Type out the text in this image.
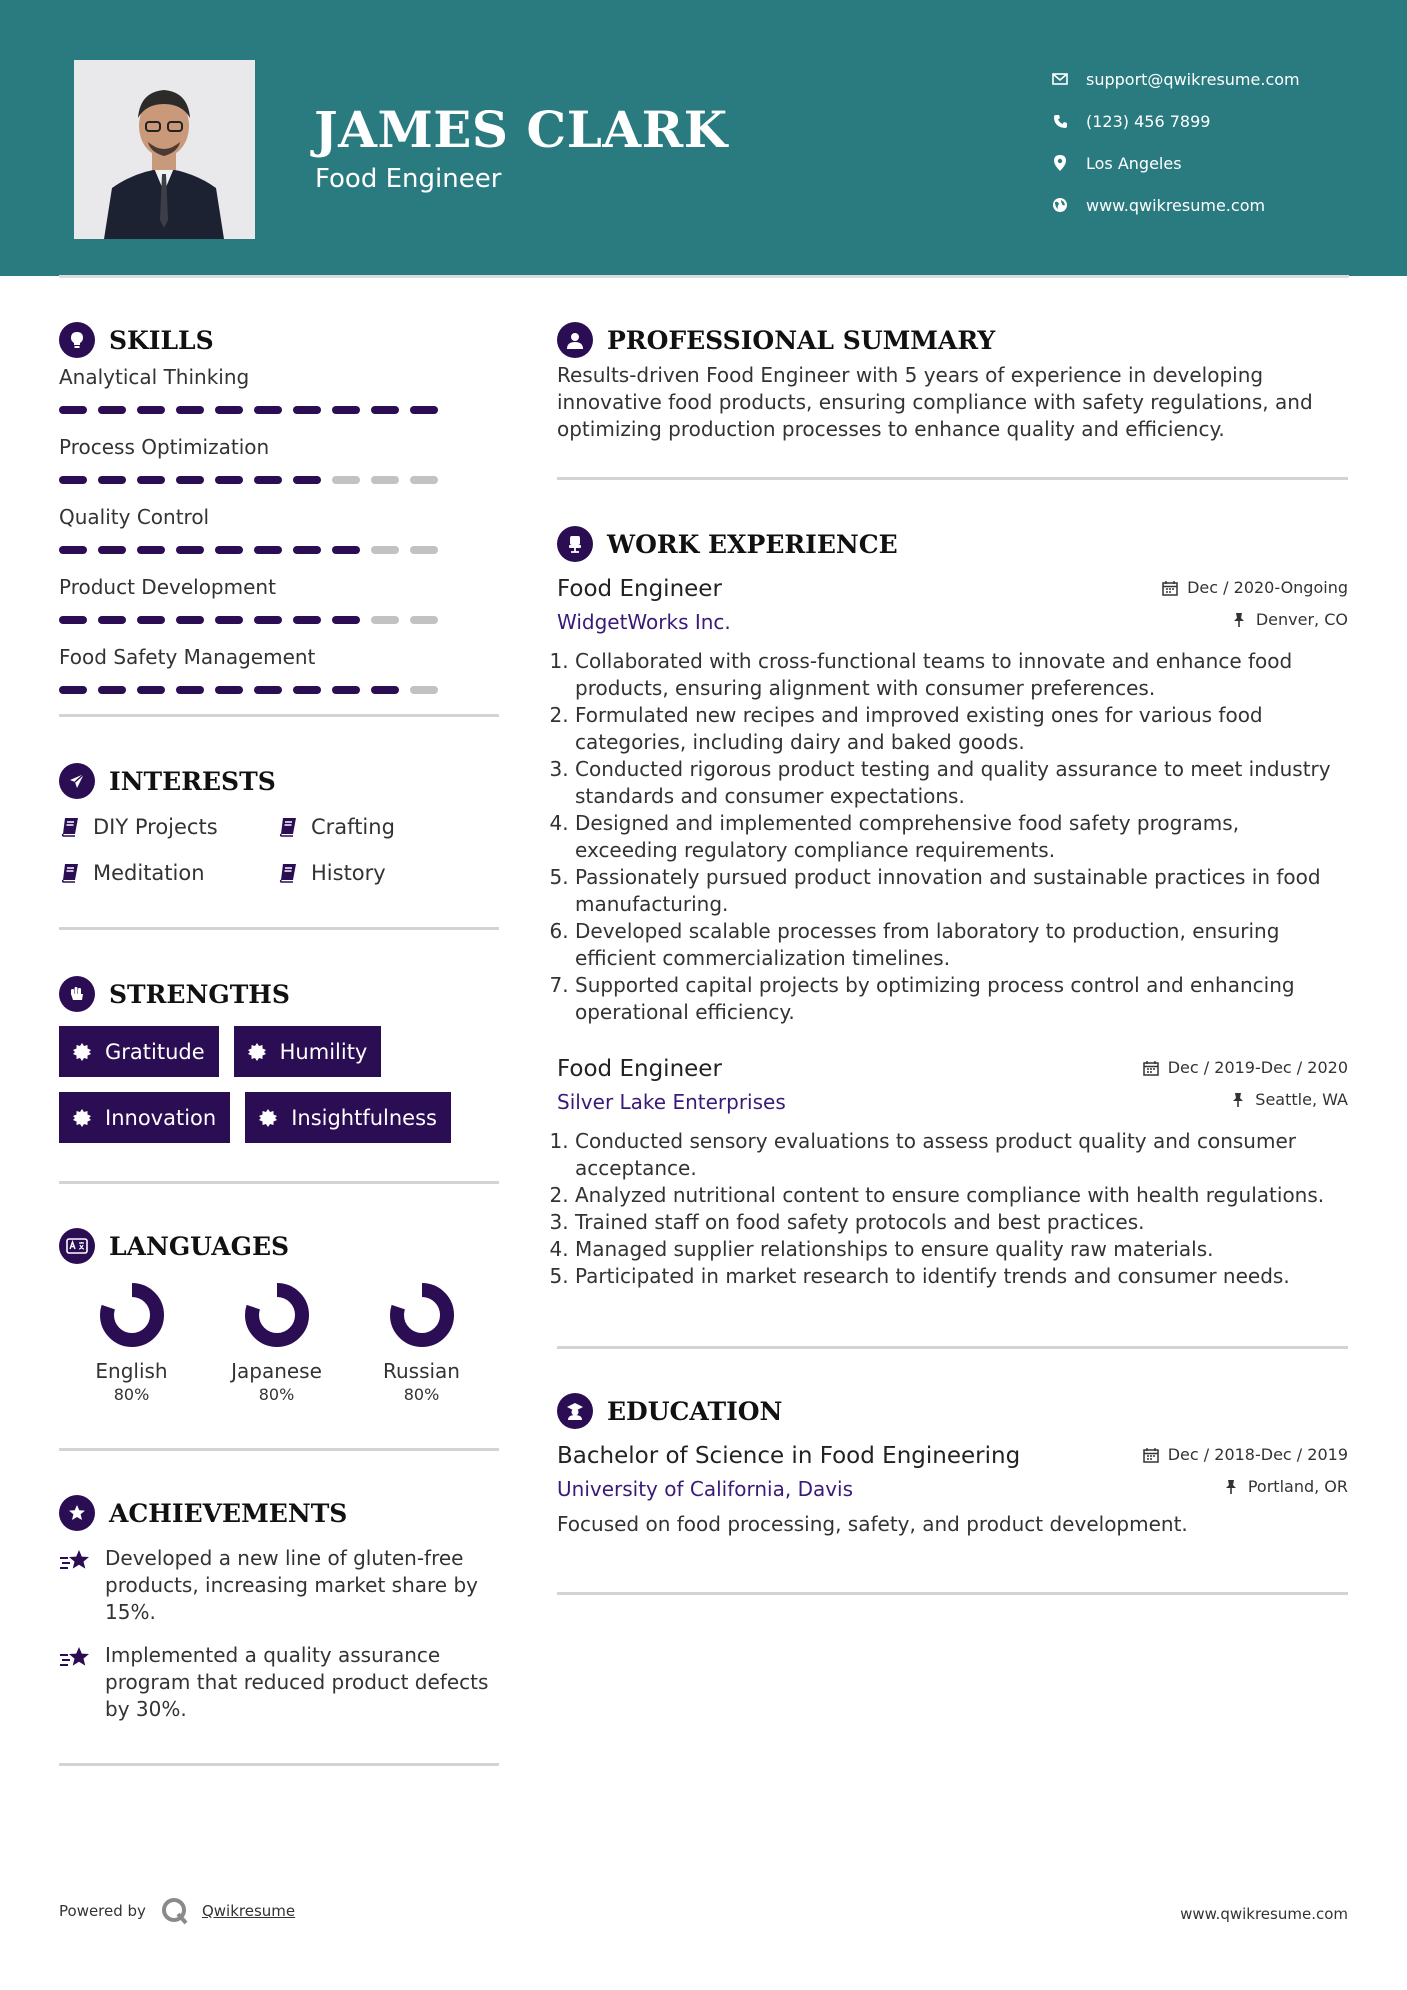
JAMES CLARK
Food Engineer
support@qwikresume.com
(123) 456 7899
Los Angeles
www.qwikresume.com
SKILLS
Analytical Thinking
Process Optimization
Quality Control
Product Development
Food Safety Management
INTERESTS
DIY Projects	Crafting
Meditation	History
STRENGTHS
Gratitude	Humility
Innovation	Insightfulness
LANGUAGES
English
80%
Japanese
80%
Russian
80%
ACHIEVEMENTS
Developed a new line of gluten-free products, increasing market share by 15%.
Implemented a quality assurance program that reduced product defects by 30%.
PROFESSIONAL SUMMARY

Results-driven Food Engineer with 5 years of experience in developing innovative food products, ensuring compliance with safety regulations, and optimizing production processes to enhance quality and efficiency.

WORK EXPERIENCE
Dec / 2020-Ongoing
Denver, CO
Food Engineer
WidgetWorks Inc.
1. Collaborated with cross-functional teams to innovate and enhance food products, ensuring alignment with consumer preferences.
2. Formulated new recipes and improved existing ones for various food categories, including dairy and baked goods.
3. Conducted rigorous product testing and quality assurance to meet industry standards and consumer expectations.
4. Designed and implemented comprehensive food safety programs, exceeding regulatory compliance requirements.
5. Passionately pursued product innovation and sustainable practices in food manufacturing.
6. Developed scalable processes from laboratory to production, ensuring efficient commercialization timelines.
7. Supported capital projects by optimizing process control and enhancing operational efficiency.
Dec / 2019-Dec / 2020
Seattle, WA
Food Engineer
Silver Lake Enterprises
1. Conducted sensory evaluations to assess product quality and consumer acceptance.
2. Analyzed nutritional content to ensure compliance with health regulations.
3. Trained staff on food safety protocols and best practices.
4. Managed supplier relationships to ensure quality raw materials.
5. Participated in market research to identify trends and consumer needs.
EDUCATION
Dec / 2018-Dec / 2019
Portland, OR
Bachelor of Science in Food Engineering
University of California, Davis

Focused on food processing, safety, and product development.

Powered by	Qwikresume	www.qwikresume.com
